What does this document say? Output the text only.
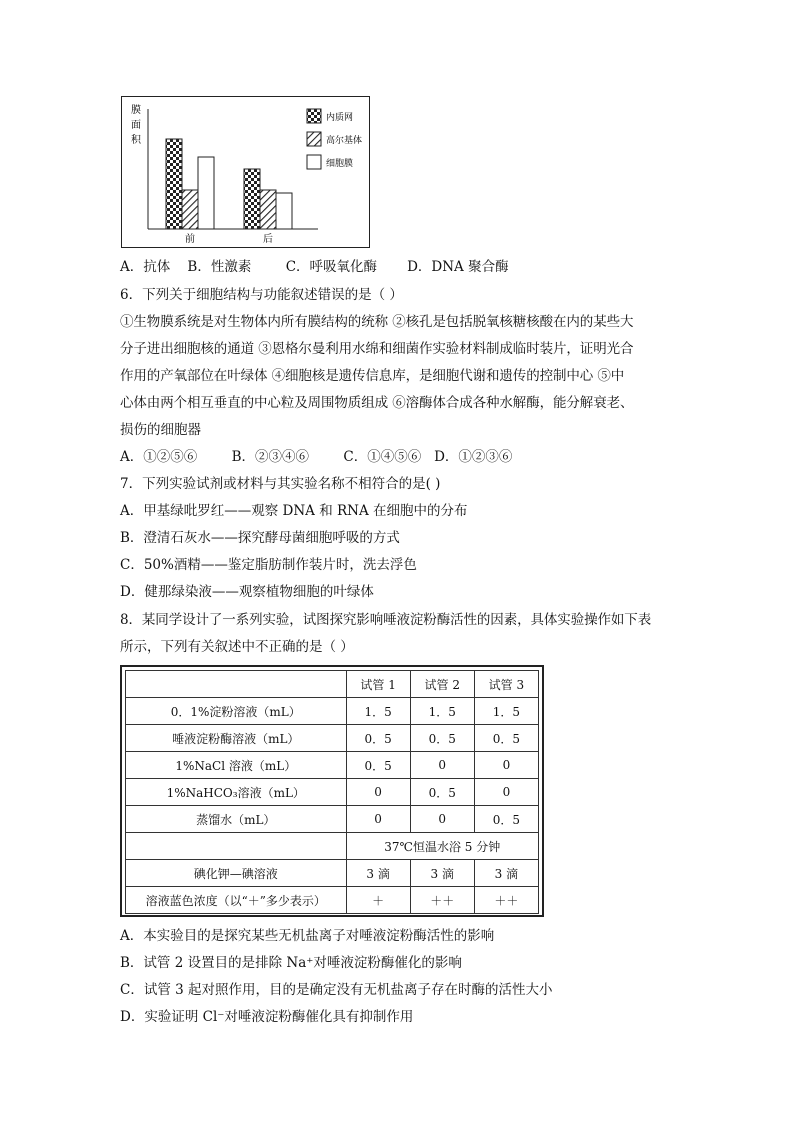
膜
面
积
前	后
内质网
高尔基体
细胞膜
A．抗体 B．性激素	C．呼吸氧化酶 D．DNA 聚合酶
6．下列关于细胞结构与功能叙述错误的是（ ）
①生物膜系统是对生物体内所有膜结构的统称 ②核孔是包括脱氧核糖核酸在内的某些大
分子进出细胞核的通道 ③恩格尔曼利用水绵和细菌作实验材料制成临时装片，证明光合
作用的产氧部位在叶绿体 ④细胞核是遗传信息库，是细胞代谢和遗传的控制中心 ⑤中
心体由两个相互垂直的中心粒及周围物质组成 ⑥溶酶体合成各种水解酶，能分解衰老、
损伤的细胞器
A．①②⑤⑥	B．②③④⑥	C．①④⑤⑥ D．①②③⑥
7．下列实验试剂或材料与其实验名称不相符合的是( )
A．甲基绿吡罗红——观察 DNA 和 RNA 在细胞中的分布
B．澄清石灰水——探究酵母菌细胞呼吸的方式
C．50%酒精——鉴定脂肪制作装片时，洗去浮色
D．健那绿染液——观察植物细胞的叶绿体
8．某同学设计了一系列实验，试图探究影响唾液淀粉酶活性的因素，具体实验操作如下表
所示，下列有关叙述中不正确的是（ ）
	试管 1	试管 2	试管 3
0．1%淀粉溶液（mL）	1．5	1．5	1．5
唾液淀粉酶溶液（mL）	0．5	0．5	0．5
1%NaCl 溶液（mL）	0．5	0	0
1%NaHCO₃溶液（mL）	0	0．5	0
蒸馏水（mL）	0	0	0．5
	37℃恒温水浴 5 分钟		
碘化钾—碘溶液	3 滴	3 滴	3 滴
溶液蓝色浓度（以“＋”多少表示）	＋	＋＋	＋＋
A．本实验目的是探究某些无机盐离子对唾液淀粉酶活性的影响
B．试管 2 设置目的是排除 Na⁺对唾液淀粉酶催化的影响
C．试管 3 起对照作用，目的是确定没有无机盐离子存在时酶的活性大小
D．实验证明 Cl⁻对唾液淀粉酶催化具有抑制作用
